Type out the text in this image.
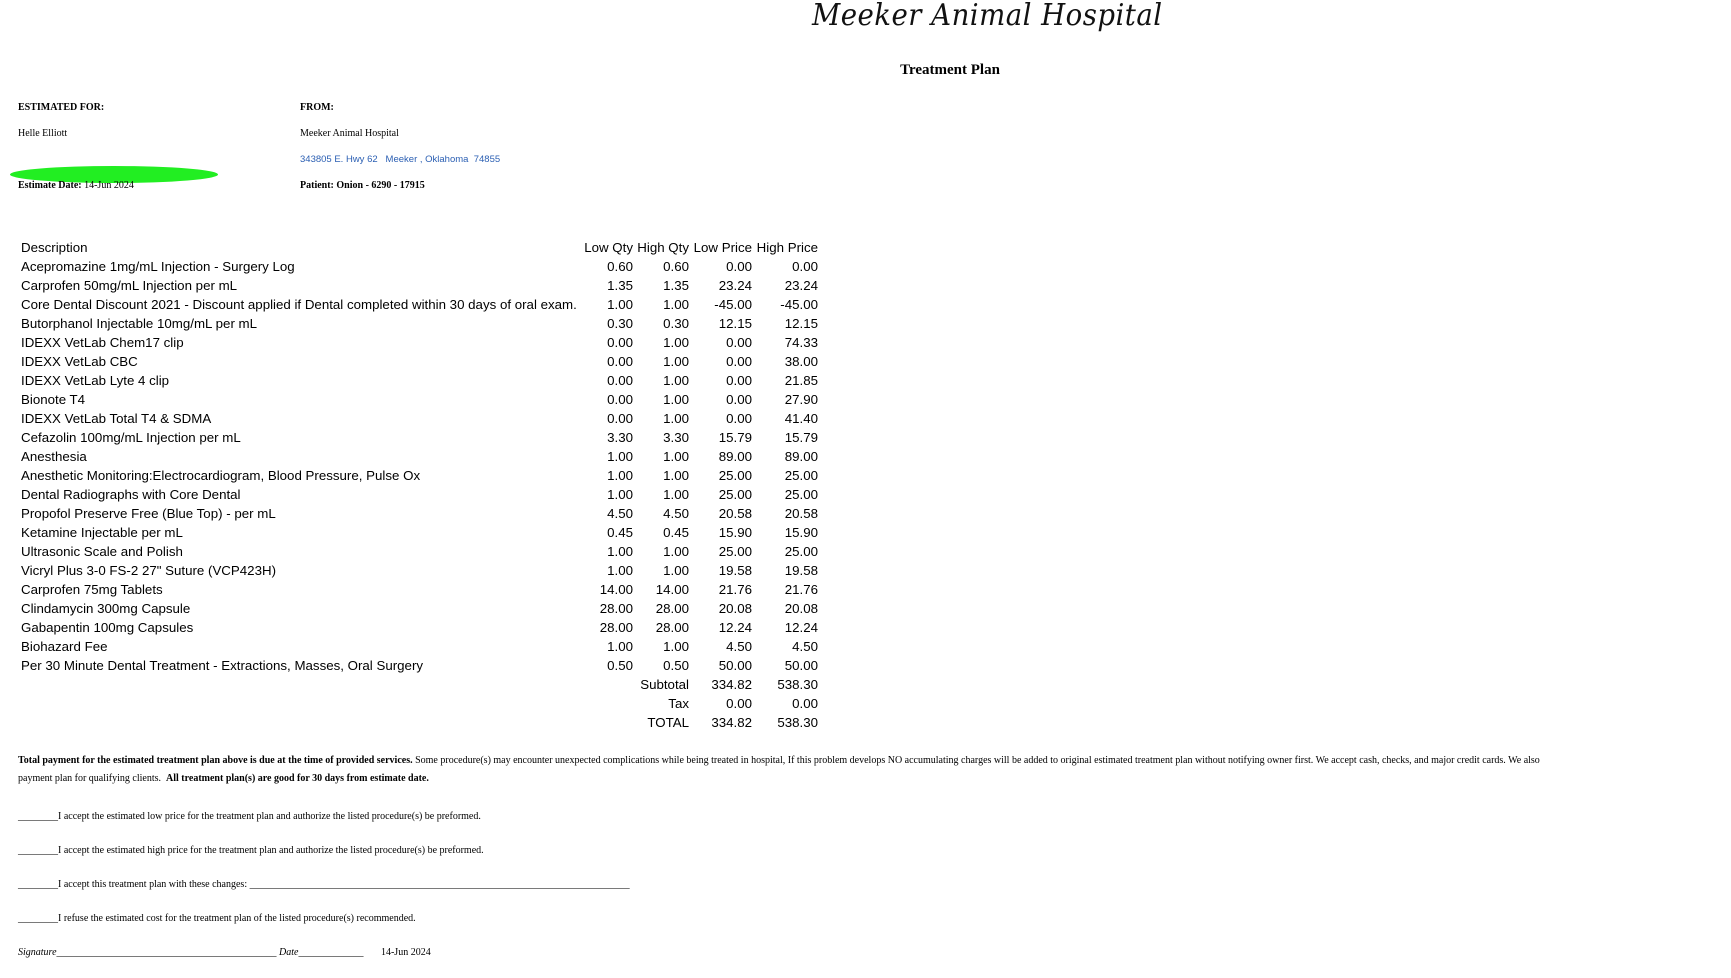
Meeker Animal Hospital
Treatment Plan
ESTIMATED FOR:
Helle Elliott
Estimate Date: 14-Jun 2024
FROM:
Meeker Animal Hospital
343805 E. Hwy 62   Meeker , Oklahoma  74855
Patient: Onion - 6290 - 17915
Description	Low Qty	High Qty	Low Price	High Price
Acepromazine 1mg/mL Injection - Surgery Log	0.60	0.60	0.00	0.00
Carprofen 50mg/mL Injection per mL	1.35	1.35	23.24	23.24
Core Dental Discount 2021 - Discount applied if Dental completed within 30 days of oral exam.	1.00	1.00	-45.00	-45.00
Butorphanol Injectable 10mg/mL per mL	0.30	0.30	12.15	12.15
IDEXX VetLab Chem17 clip	0.00	1.00	0.00	74.33
IDEXX VetLab CBC	0.00	1.00	0.00	38.00
IDEXX VetLab Lyte 4 clip	0.00	1.00	0.00	21.85
Bionote T4	0.00	1.00	0.00	27.90
IDEXX VetLab Total T4 & SDMA	0.00	1.00	0.00	41.40
Cefazolin 100mg/mL Injection per mL	3.30	3.30	15.79	15.79
Anesthesia	1.00	1.00	89.00	89.00
Anesthetic Monitoring:Electrocardiogram, Blood Pressure, Pulse Ox	1.00	1.00	25.00	25.00
Dental Radiographs with Core Dental	1.00	1.00	25.00	25.00
Propofol Preserve Free (Blue Top) - per mL	4.50	4.50	20.58	20.58
Ketamine Injectable per mL	0.45	0.45	15.90	15.90
Ultrasonic Scale and Polish	1.00	1.00	25.00	25.00
Vicryl Plus 3-0 FS-2 27" Suture (VCP423H)	1.00	1.00	19.58	19.58
Carprofen 75mg Tablets	14.00	14.00	21.76	21.76
Clindamycin 300mg Capsule	28.00	28.00	20.08	20.08
Gabapentin 100mg Capsules	28.00	28.00	12.24	12.24
Biohazard Fee	1.00	1.00	4.50	4.50
Per 30 Minute Dental Treatment - Extractions, Masses, Oral Surgery	0.50	0.50	50.00	50.00
		Subtotal	334.82	538.30
		Tax	0.00	0.00
		TOTAL	334.82	538.30
Total payment for the estimated treatment plan above is due at the time of provided services. Some procedure(s) may encounter unexpected complications while being treated in hospital, If this problem develops NO accumulating charges will be added to original estimated treatment plan without notifying owner first. We accept cash, checks, and major credit cards. We also
payment plan for qualifying clients. All treatment plan(s) are good for 30 days from estimate date.
________I accept the estimated low price for the treatment plan and authorize the listed procedure(s) be preformed.
________I accept the estimated high price for the treatment plan and authorize the listed procedure(s) be preformed.
________I accept this treatment plan with these changes: ____________________________________________________________________________
________I refuse the estimated cost for the treatment plan of the listed procedure(s) recommended.
Signature____________________________________________ Date_____________ 14-Jun 2024
